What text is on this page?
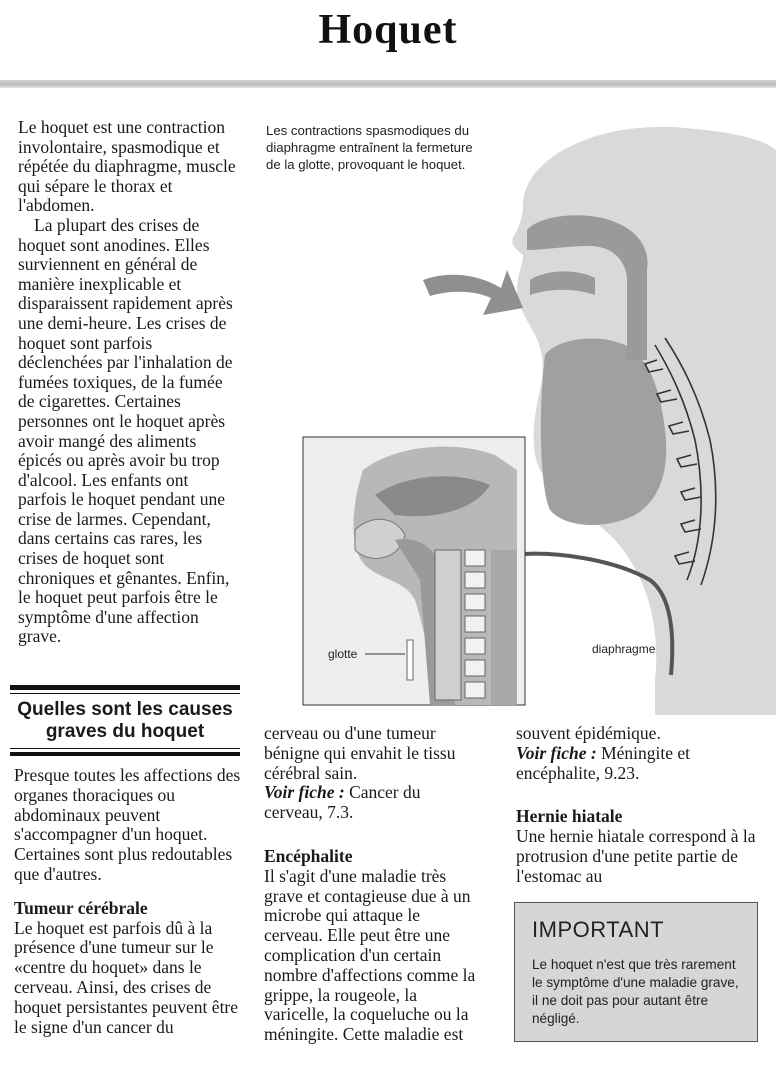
Hoquet

Le hoquet est une contraction involontaire, spasmodique et répétée du diaphragme, muscle qui sépare le thorax et l'abdomen.

La plupart des crises de hoquet sont anodines. Elles surviennent en général de manière inexplicable et disparaissent rapidement après une demi-heure. Les crises de hoquet sont parfois déclenchées par l'inhalation de fumées toxiques, de la fumée de cigarettes. Certaines personnes ont le hoquet après avoir mangé des aliments épicés ou après avoir bu trop d'alcool. Les enfants ont parfois le hoquet pendant une crise de larmes. Cependant, dans certains cas rares, les crises de hoquet sont chroniques et gênantes. Enfin, le hoquet peut parfois être le symptôme d'une affection grave.

glotte	diaphragme
Les contractions spasmodiques du diaphragme entraînent la fermeture de la glotte, provoquant le hoquet.
Quelles sont les causes graves du hoquet

Presque toutes les affections des organes thoraciques ou abdominaux peuvent s'accompagner d'un hoquet. Certaines sont plus redoutables que d'autres.

Tumeur cérébrale

Le hoquet est parfois dû à la présence d'une tumeur sur le «centre du hoquet» dans le cerveau. Ainsi, des crises de hoquet persistantes peuvent être le signe d'un cancer du

cerveau ou d'une tumeur bénigne qui envahit le tissu cérébral sain.

Voir fiche : Cancer du cerveau, 7.3.

Encéphalite

Il s'agit d'une maladie très grave et contagieuse due à un microbe qui attaque le cerveau. Elle peut être une complication d'un certain nombre d'affections comme la grippe, la rougeole, la varicelle, la coqueluche ou la méningite. Cette maladie est

souvent épidémique.

Voir fiche : Méningite et encéphalite, 9.23.

Hernie hiatale

Une hernie hiatale correspond à la protrusion d'une petite partie de l'estomac au

IMPORTANT
Le hoquet n'est que très rarement le symptôme d'une maladie grave, il ne doit pas pour autant être négligé.
